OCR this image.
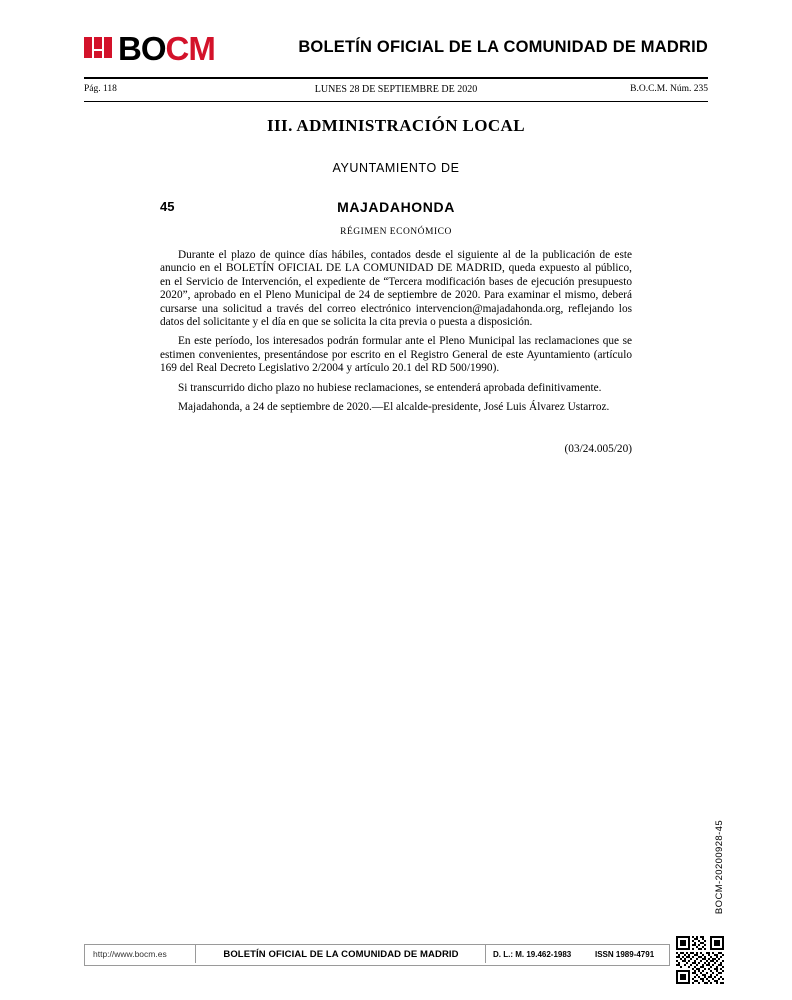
BOCM	BOLETÍN OFICIAL DE LA COMUNIDAD DE MADRID
LUNES 28 DE SEPTIEMBRE DE 2020
Pág. 118	B.O.C.M. Núm. 235
III. ADMINISTRACIÓN LOCAL
AYUNTAMIENTO DE
45	MAJADAHONDA
RÉGIMEN ECONÓMICO

Durante el plazo de quince días hábiles, contados desde el siguiente al de la publicación de este anuncio en el BOLETÍN OFICIAL DE LA COMUNIDAD DE MADRID, queda expuesto al público, en el Servicio de Intervención, el expediente de “Tercera modificación bases de ejecución presupuesto 2020”, aprobado en el Pleno Municipal de 24 de septiembre de 2020. Para examinar el mismo, deberá cursarse una solicitud a través del correo electrónico intervencion@majadahonda.org, reflejando los datos del solicitante y el día en que se solicita la cita previa o puesta a disposición.

En este período, los interesados podrán formular ante el Pleno Municipal las reclamaciones que se estimen convenientes, presentándose por escrito en el Registro General de este Ayuntamiento (artículo 169 del Real Decreto Legislativo 2/2004 y artículo 20.1 del RD 500/1990).

Si transcurrido dicho plazo no hubiese reclamaciones, se entenderá aprobada definitivamente.

Majadahonda, a 24 de septiembre de 2020.—El alcalde-presidente, José Luis Álvarez Ustarroz.

(03/24.005/20)
BOCM-20200928-45
http://www.bocm.es	BOLETÍN OFICIAL DE LA COMUNIDAD DE MADRID	D. L.: M. 19.462-1983	ISSN 1989-4791
